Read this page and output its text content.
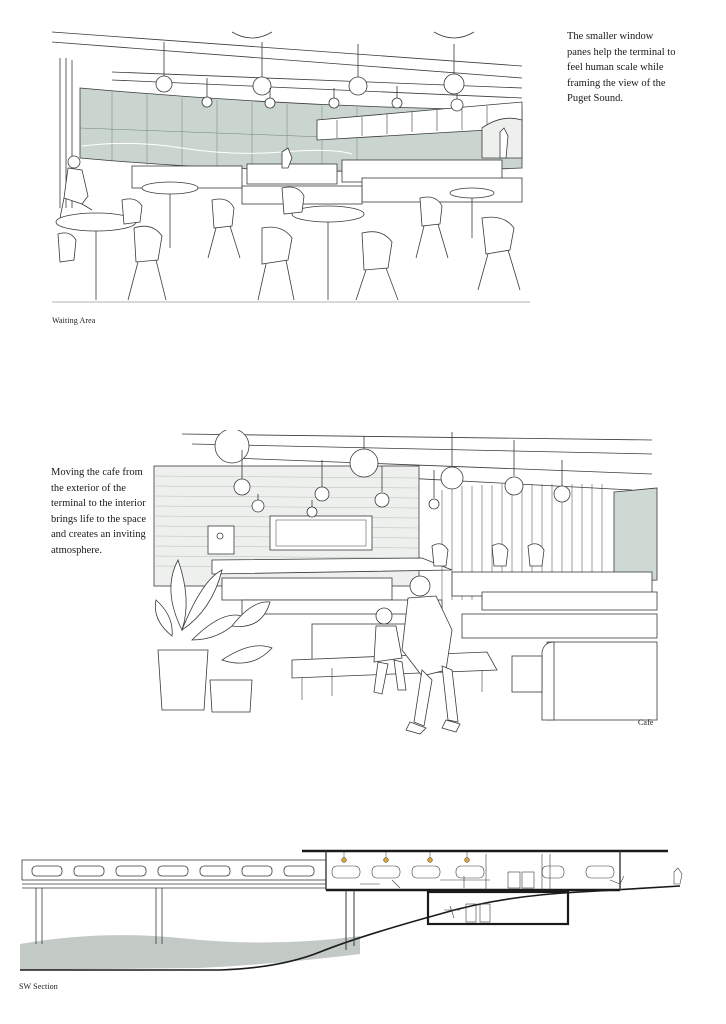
Waiting Area
The smaller window panes help the terminal to feel human scale while framing the view of the Puget Sound.
Moving the cafe from the exterior of the terminal to the interior brings life to the space and creates an inviting atmosphere.
Cafe
SW Section
